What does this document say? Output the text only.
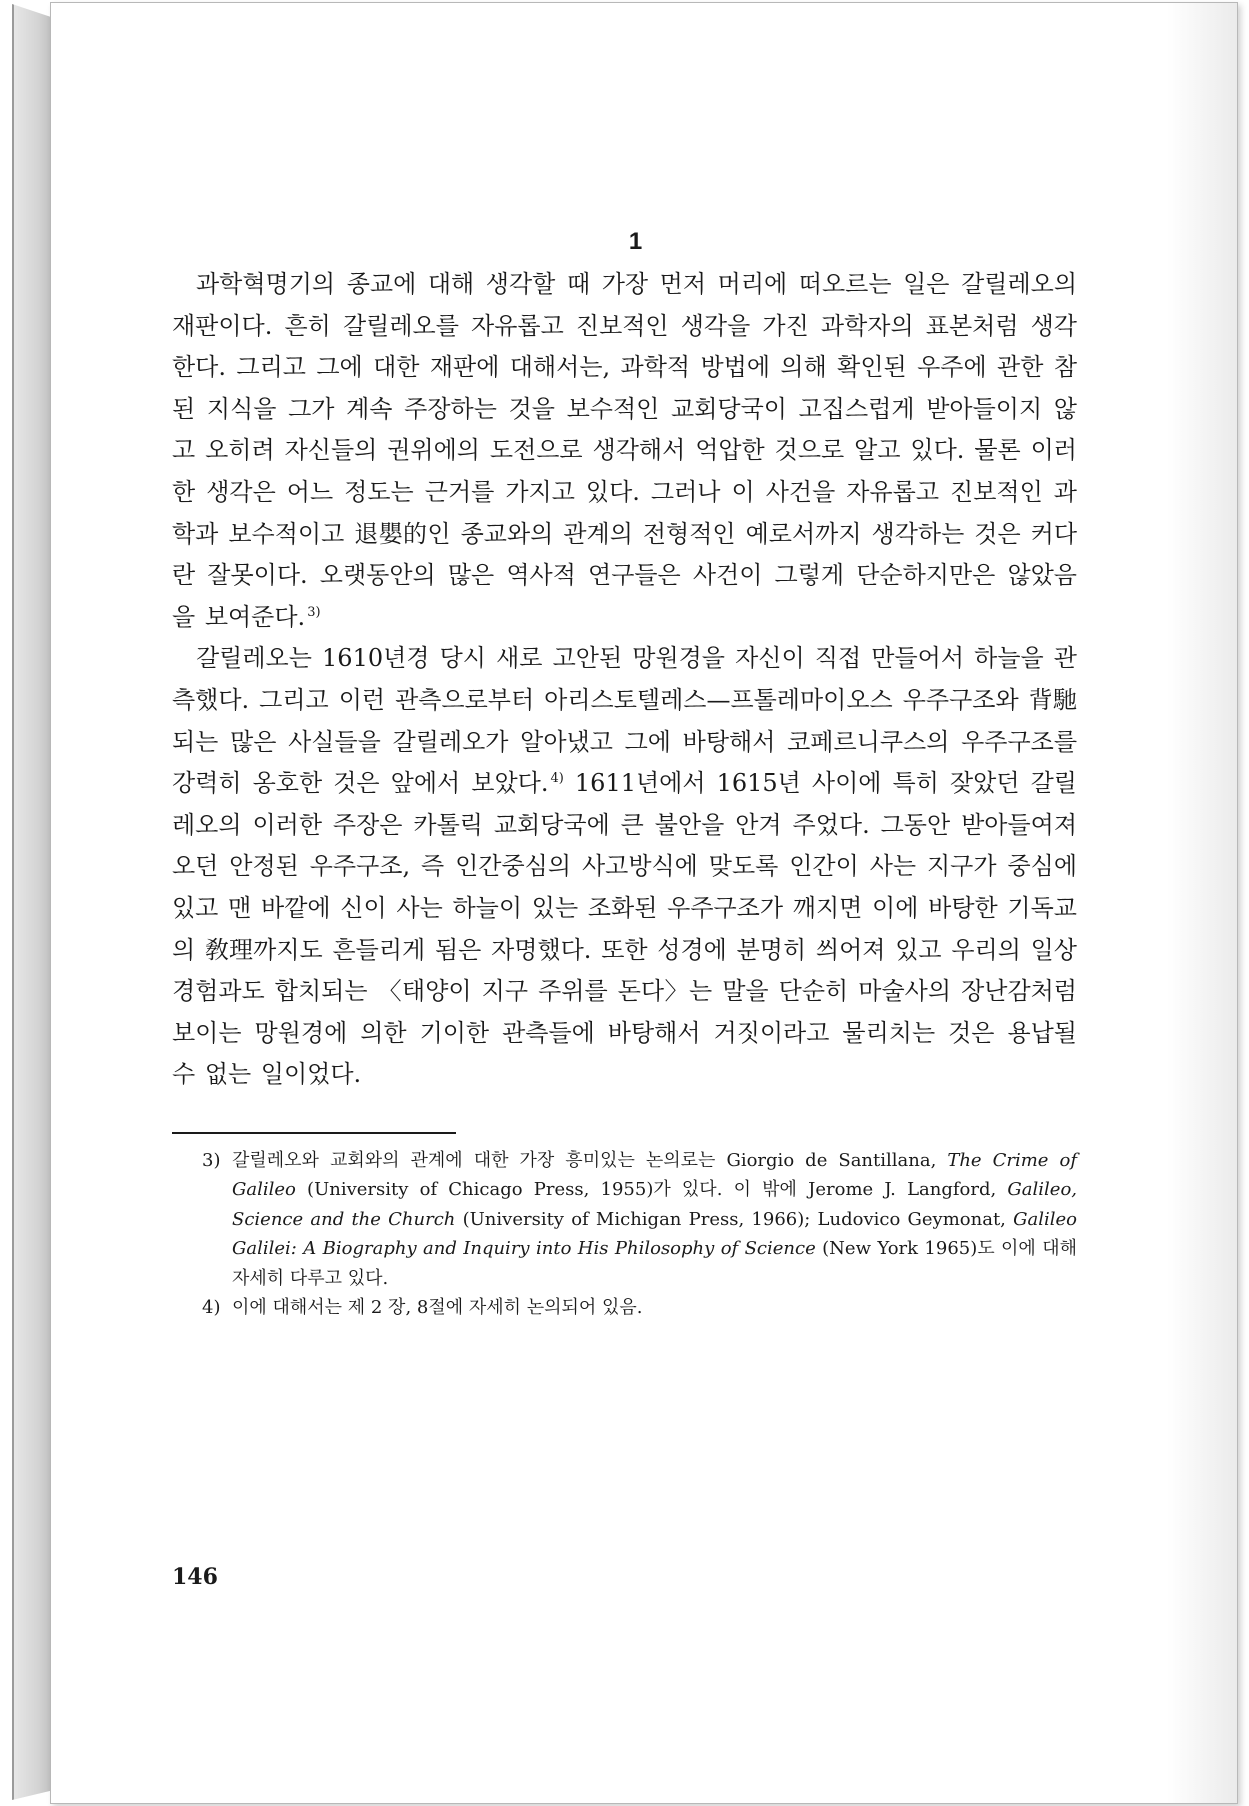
1

과학혁명기의 종교에 대해 생각할 때 가장 먼저 머리에 떠오르는 일은 갈릴레오의 재판이다. 흔히 갈릴레오를 자유롭고 진보적인 생각을 가진 과학자의 표본처럼 생각한다. 그리고 그에 대한 재판에 대해서는, 과학적 방법에 의해 확인된 우주에 관한 참된 지식을 그가 계속 주장하는 것을 보수적인 교회당국이 고집스럽게 받아들이지 않고 오히려 자신들의 권위에의 도전으로 생각해서 억압한 것으로 알고 있다. 물론 이러한 생각은 어느 정도는 근거를 가지고 있다. 그러나 이 사건을 자유롭고 진보적인 과학과 보수적이고 退嬰的인 종교와의 관계의 전형적인 예로서까지 생각하는 것은 커다란 잘못이다. 오랫동안의 많은 역사적 연구들은 사건이 그렇게 단순하지만은 않았음을 보여준다. $^{3)}$

갈릴레오는 1610년경 당시 새로 고안된 망원경을 자신이 직접 만들어서 하늘을 관측했다. 그리고 이런 관측으로부터 아리스토텔레스—프톨레마이오스 우주구조와 背馳되는 많은 사실들을 갈릴레오가 알아냈고 그에 바탕해서 코페르니쿠스의 우주구조를 강력히 옹호한 것은 앞에서 보았다. $^{4)}$ 1611년에서 1615년 사이에 특히 잦았던 갈릴레오의 이러한 주장은 카톨릭 교회당국에 큰 불안을 안겨 주었다. 그동안 받아들여져 오던 안정된 우주구조, 즉 인간중심의 사고방식에 맞도록 인간이 사는 지구가 중심에 있고 맨 바깥에 신이 사는 하늘이 있는 조화된 우주구조가 깨지면 이에 바탕한 기독교의 敎理까지도 흔들리게 됨은 자명했다. 또한 성경에 분명히 씌어져 있고 우리의 일상경험과도 합치되는 〈태양이 지구 주위를 돈다〉는 말을 단순히 마술사의 장난감처럼 보이는 망원경에 의한 기이한 관측들에 바탕해서 거짓이라고 물리치는 것은 용납될 수 없는 일이었다.

3) 갈릴레오와 교회와의 관계에 대한 가장 흥미있는 논의로는 Giorgio de Santillana, The Crime of Galileo (University of Chicago Press, 1955)가 있다. 이 밖에 Jerome J. Langford, Galileo, Science and the Church (University of Michigan Press, 1966); Ludovico Geymonat, Galileo Galilei: A Biography and Inquiry into His Philosophy of Science (New York 1965)도 이에 대해 자세히 다루고 있다.
4) 이에 대해서는 제 2 장, 8절에 자세히 논의되어 있음.
146
